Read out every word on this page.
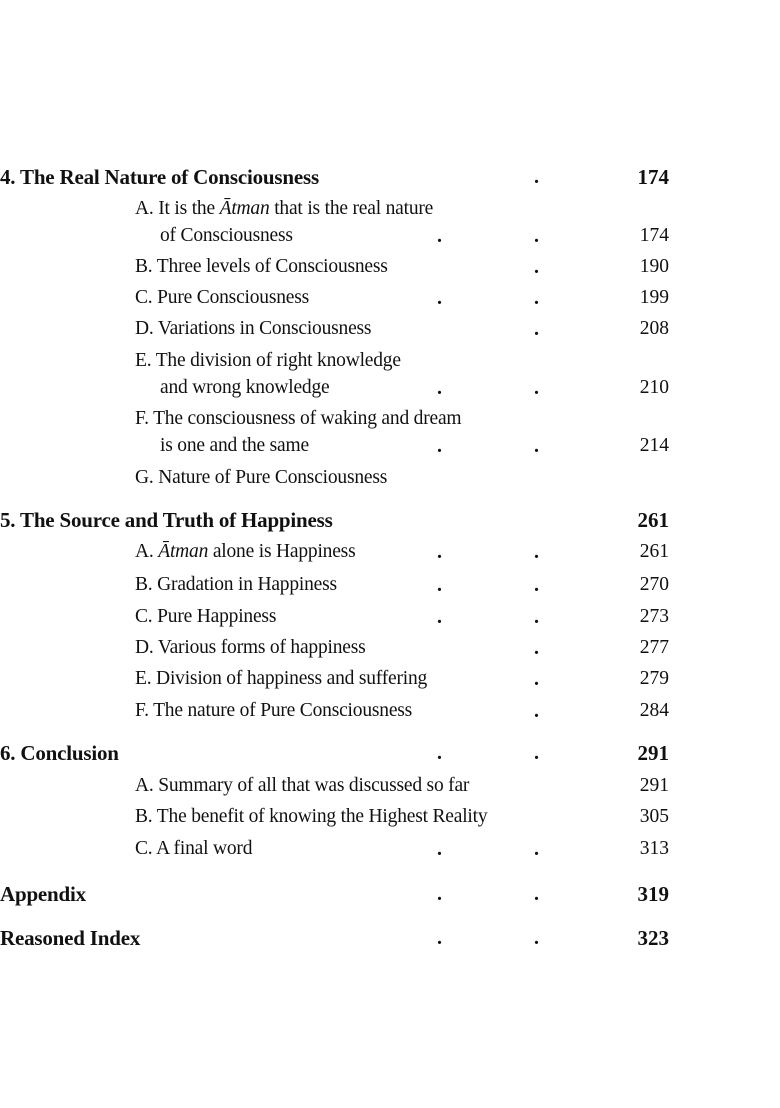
4. The Real Nature of Consciousness	.	174
A. It is the Ātman that is the real nature
of Consciousness	.	.	174
B. Three levels of Consciousness	.	190
C. Pure Consciousness	.	.	199
D. Variations in Consciousness	.	208
E. The division of right knowledge
and wrong knowledge	.	.	210
F. The consciousness of waking and dream
is one and the same	.	.	214
G. Nature of Pure Consciousness
5. The Source and Truth of Happiness	261
A. Ātman alone is Happiness	.	.	261
B. Gradation in Happiness	.	.	270
C. Pure Happiness	.	.	273
D. Various forms of happiness	.	277
E. Division of happiness and suffering	.	279
F. The nature of Pure Consciousness	.	284
6. Conclusion	.	.	291
A. Summary of all that was discussed so far	291
B. The benefit of knowing the Highest Reality	305
C. A final word	.	.	313
Appendix	.	.	319
Reasoned Index	.	.	323
